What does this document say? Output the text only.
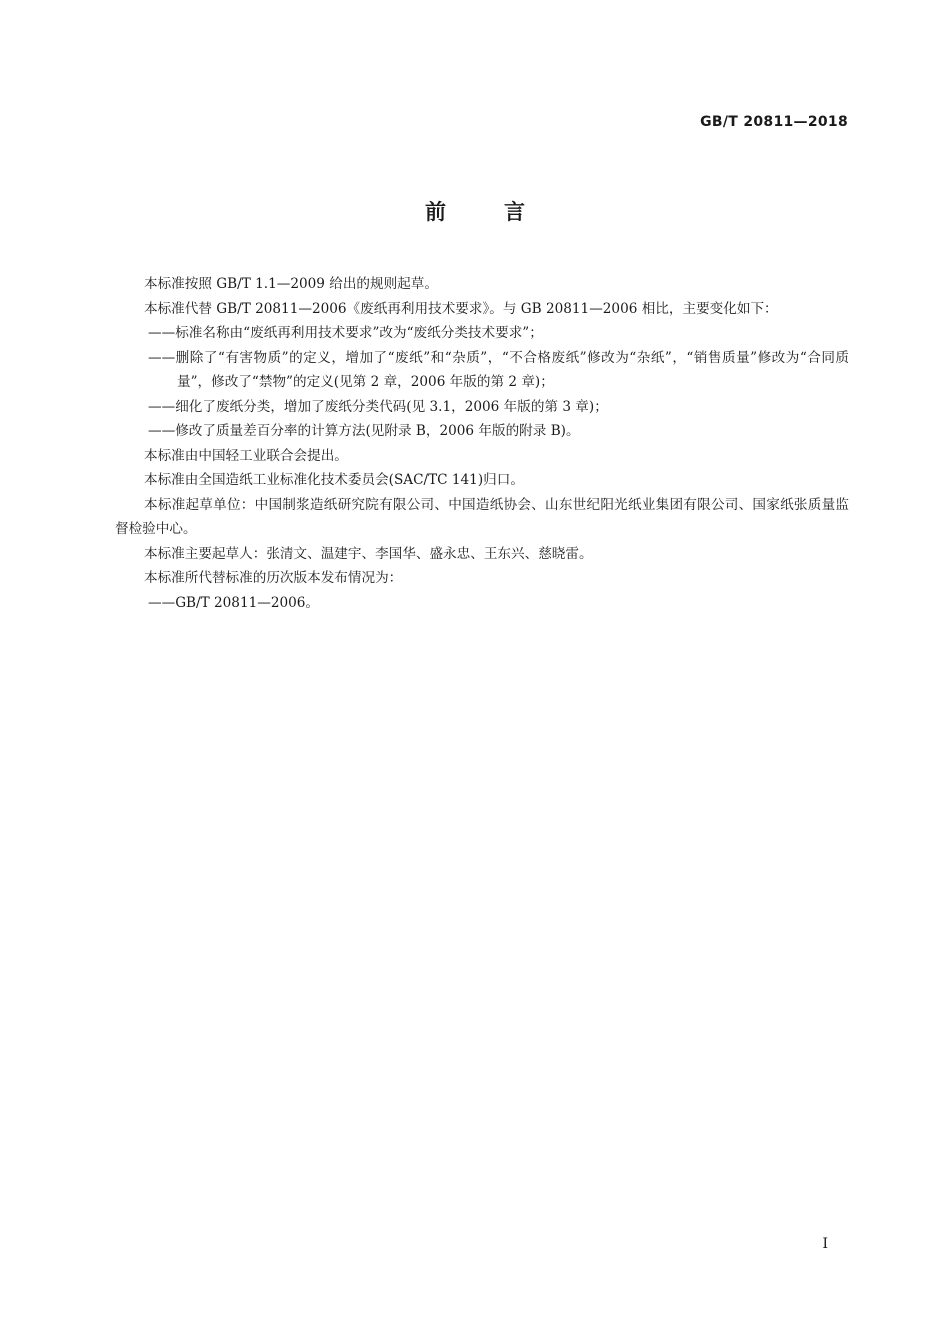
GB/T 20811—2018
前言

本标准按照 GB/T 1.1—2009 给出的规则起草。

本标准代替 GB/T 20811—2006《废纸再利用技术要求》。与 GB 20811—2006 相比，主要变化如下：

——标准名称由“废纸再利用技术要求”改为“废纸分类技术要求”；

——删除了“有害物质”的定义，增加了“废纸”和“杂质”，“不合格废纸”修改为“杂纸”，“销售质量”修改为“合同质量”，修改了“禁物”的定义(见第 2 章，2006 年版的第 2 章)；

——细化了废纸分类，增加了废纸分类代码(见 3.1，2006 年版的第 3 章)；

——修改了质量差百分率的计算方法(见附录 B，2006 年版的附录 B)。

本标准由中国轻工业联合会提出。

本标准由全国造纸工业标准化技术委员会(SAC/TC 141)归口。

本标准起草单位：中国制浆造纸研究院有限公司、中国造纸协会、山东世纪阳光纸业集团有限公司、国家纸张质量监督检验中心。

本标准主要起草人：张清文、温建宇、李国华、盛永忠、王东兴、慈晓雷。

本标准所代替标准的历次版本发布情况为：

——GB/T 20811—2006。

I
